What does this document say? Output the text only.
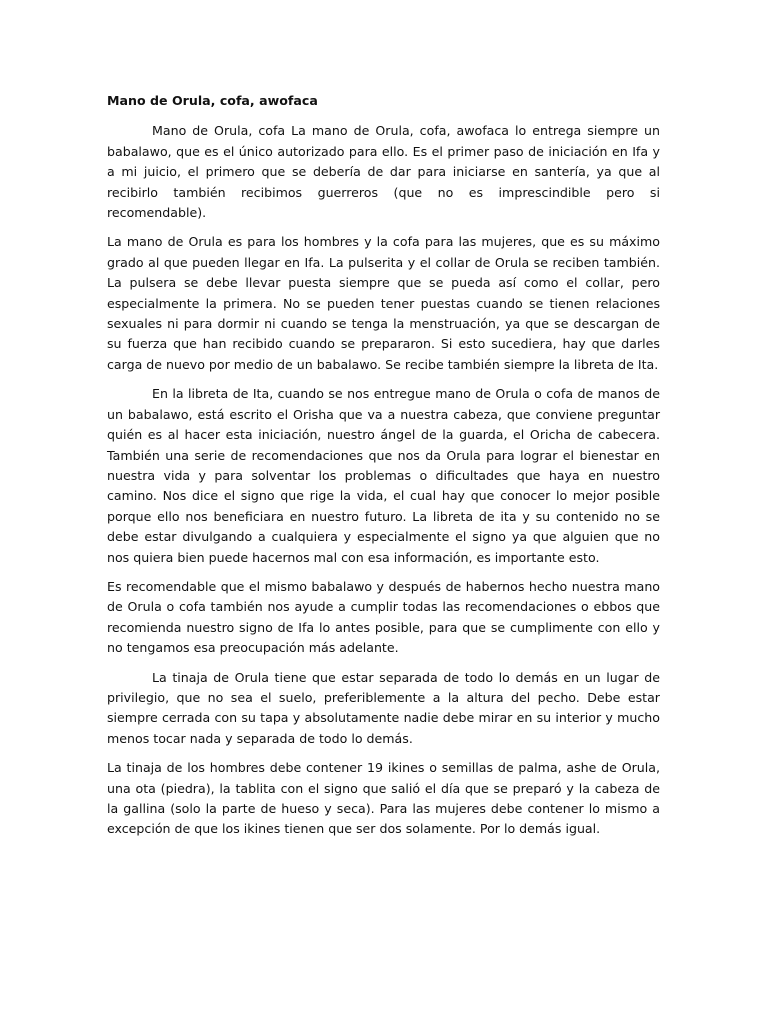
Mano de Orula, cofa, awofaca

Mano de Orula, cofa La mano de Orula, cofa, awofaca lo entrega siempre un babalawo, que es el único autorizado para ello. Es el primer paso de iniciación en Ifa y a mi juicio, el primero que se debería de dar para iniciarse en santería, ya que al recibirlo también recibimos guerreros (que no es imprescindible pero si recomendable).

La mano de Orula es para los hombres y la cofa para las mujeres, que es su máximo grado al que pueden llegar en Ifa. La pulserita y el collar de Orula se reciben también. La pulsera se debe llevar puesta siempre que se pueda así como el collar, pero especialmente la primera. No se pueden tener puestas cuando se tienen relaciones sexuales ni para dormir ni cuando se tenga la menstruación, ya que se descargan de su fuerza que han recibido cuando se prepararon. Si esto sucediera, hay que darles carga de nuevo por medio de un babalawo. Se recibe también siempre la libreta de Ita.

En la libreta de Ita, cuando se nos entregue mano de Orula o cofa de manos de un babalawo, está escrito el Orisha que va a nuestra cabeza, que conviene preguntar quién es al hacer esta iniciación, nuestro ángel de la guarda, el Oricha de cabecera. También una serie de recomendaciones que nos da Orula para lograr el bienestar en nuestra vida y para solventar los problemas o dificultades que haya en nuestro camino. Nos dice el signo que rige la vida, el cual hay que conocer lo mejor posible porque ello nos beneficiara en nuestro futuro. La libreta de ita y su contenido no se debe estar divulgando a cualquiera y especialmente el signo ya que alguien que no nos quiera bien puede hacernos mal con esa información, es importante esto.

Es recomendable que el mismo babalawo y después de habernos hecho nuestra mano de Orula o cofa también nos ayude a cumplir todas las recomendaciones o ebbos que recomienda nuestro signo de Ifa lo antes posible, para que se cumplimente con ello y no tengamos esa preocupación más adelante.

La tinaja de Orula tiene que estar separada de todo lo demás en un lugar de privilegio, que no sea el suelo, preferiblemente a la altura del pecho. Debe estar siempre cerrada con su tapa y absolutamente nadie debe mirar en su interior y mucho menos tocar nada y separada de todo lo demás.

La tinaja de los hombres debe contener 19 ikines o semillas de palma, ashe de Orula, una ota (piedra), la tablita con el signo que salió el día que se preparó y la cabeza de la gallina (solo la parte de hueso y seca). Para las mujeres debe contener lo mismo a excepción de que los ikines tienen que ser dos solamente. Por lo demás igual.
